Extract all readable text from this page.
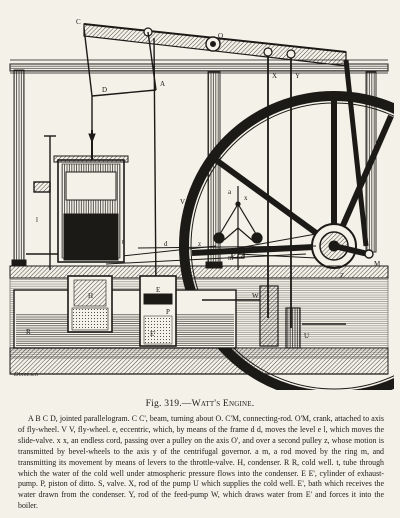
C
D
A
X	Y
O
V
l
t	d	z
x
a
m
P
H
R
E
E'
W
U
Z
M
Dinnesen
Fig. 319.—Watt's Engine.

A B C D, jointed parallelogram. C C', beam, turning about O. C'M, connecting-rod. O'M, crank, attached to axis of fly-wheel. V V, fly-wheel. e, eccentric, which, by means of the frame d d, moves the level e l, which moves the slide-valve. x x, an endless cord, passing over a pulley on the axis O', and over a second pulley z, whose motion is transmitted by bevel-wheels to the axis y of the centrifugal governor. a m, a rod moved by the ring m, and transmitting its movement by means of levers to the throttle-valve. H, condenser. R R, cold well. t, tube through which the water of the cold well under atmospheric pressure flows into the condenser. E E', cylinder of exhaust-pump. P, piston of ditto. S, valve. X, rod of the pump U which supplies the cold well. E', bath which receives the water drawn from the condenser. Y, rod of the feed-pump W, which draws water from E' and forces it into the boiler.
